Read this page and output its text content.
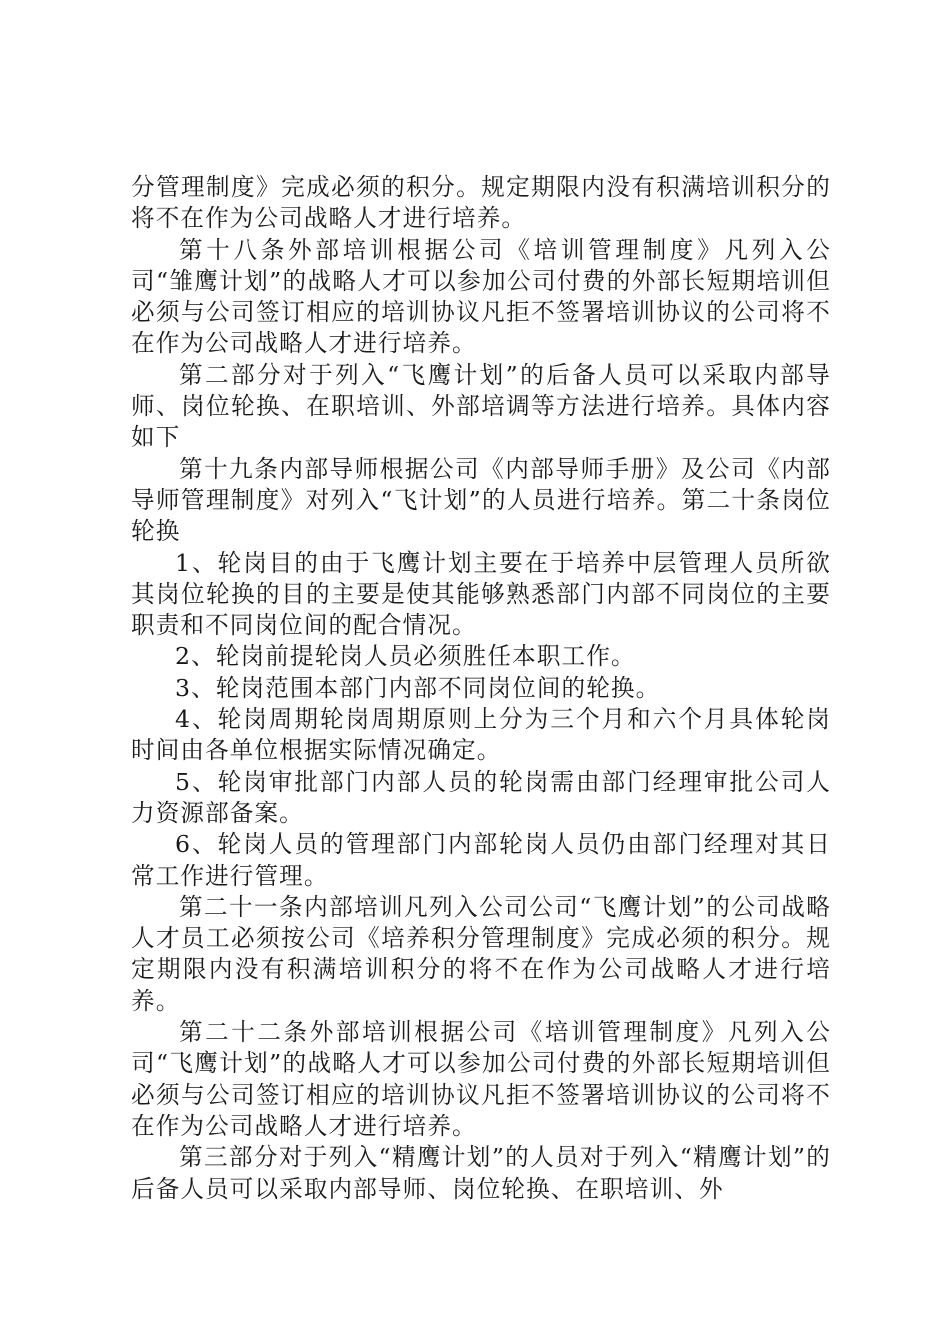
分管理制度》完成必须的积分。规定期限内没有积满培训积分的将不在作为公司战略人才进行培养。

第十八条外部培训根据公司《培训管理制度》凡列入公司“雏鹰计划”的战略人才可以参加公司付费的外部长短期培训但必须与公司签订相应的培训协议凡拒不签署培训协议的公司将不在作为公司战略人才进行培养。

第二部分对于列入“飞鹰计划”的后备人员可以采取内部导师、岗位轮换、在职培训、外部培调等方法进行培养。具体内容如下

第十九条内部导师根据公司《内部导师手册》及公司《内部导师管理制度》对列入“飞计划”的人员进行培养。第二十条岗位轮换

1、轮岗目的由于飞鹰计划主要在于培养中层管理人员所欲其岗位轮换的目的主要是使其能够熟悉部门内部不同岗位的主要职责和不同岗位间的配合情况。

2、轮岗前提轮岗人员必须胜任本职工作。

3、轮岗范围本部门内部不同岗位间的轮换。

4、轮岗周期轮岗周期原则上分为三个月和六个月具体轮岗时间由各单位根据实际情况确定。

5、轮岗审批部门内部人员的轮岗需由部门经理审批公司人力资源部备案。

6、轮岗人员的管理部门内部轮岗人员仍由部门经理对其日常工作进行管理。

第二十一条内部培训凡列入公司公司“飞鹰计划”的公司战略人才员工必须按公司《培养积分管理制度》完成必须的积分。规定期限内没有积满培训积分的将不在作为公司战略人才进行培养。

第二十二条外部培训根据公司《培训管理制度》凡列入公司“飞鹰计划”的战略人才可以参加公司付费的外部长短期培训但必须与公司签订相应的培训协议凡拒不签署培训协议的公司将不在作为公司战略人才进行培养。

第三部分对于列入“精鹰计划”的人员对于列入“精鹰计划”的后备人员可以采取内部导师、岗位轮换、在职培训、外
